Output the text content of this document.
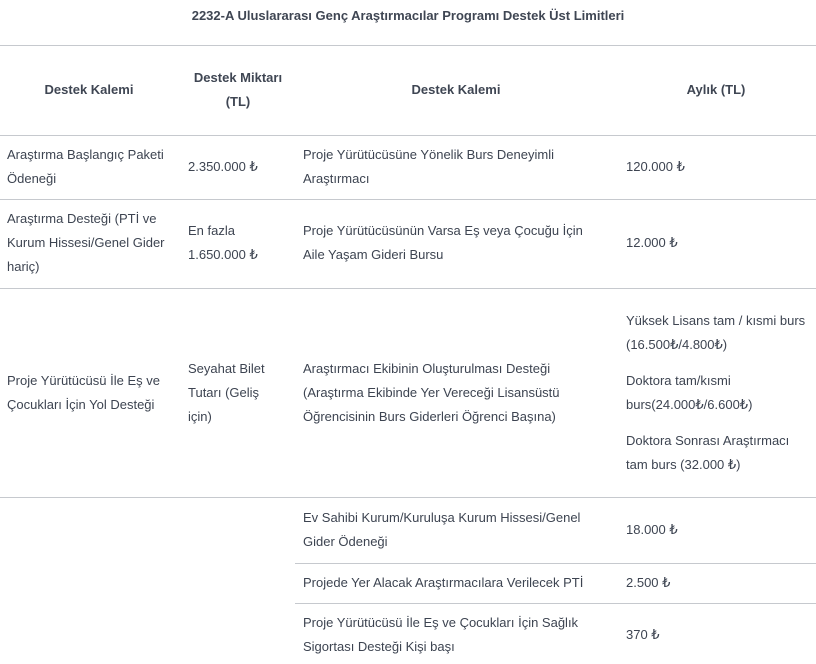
2232-A Uluslararası Genç Araştırmacılar Programı Destek Üst Limitleri
Destek Kalemi
Destek Miktarı (TL)
Destek Kalemi	Aylık (TL)
Araştırma Başlangıç Paketi Ödeneği
2.350.000 ₺
Proje Yürütücüsüne Yönelik Burs Deneyimli Araştırmacı
120.000 ₺
Araştırma Desteği (PTİ ve Kurum Hissesi/Genel Gider hariç)
En fazla 1.650.000 ₺
Proje Yürütücüsünün Varsa Eş veya Çocuğu İçin Aile Yaşam Gideri Bursu
12.000 ₺
Proje Yürütücüsü İle Eş ve Çocukları İçin Yol Desteği
Seyahat Bilet Tutarı (Geliş için)
Araştırmacı Ekibinin Oluşturulması Desteği (Araştırma Ekibinde Yer Vereceği Lisansüstü Öğrencisinin Burs Giderleri Öğrenci Başına)
Yüksek Lisans tam / kısmi burs (16.500₺/4.800₺)
Doktora tam/kısmi burs(24.000₺/6.600₺)
Doktora Sonrası Araştırmacı tam burs (32.000 ₺)
Ev Sahibi Kurum/Kuruluşa Kurum Hissesi/Genel Gider Ödeneği
18.000 ₺
Projede Yer Alacak Araştırmacılara Verilecek PTİ	2.500 ₺
Proje Yürütücüsü İle Eş ve Çocukları İçin Sağlık Sigortası Desteği Kişi başı
370 ₺
